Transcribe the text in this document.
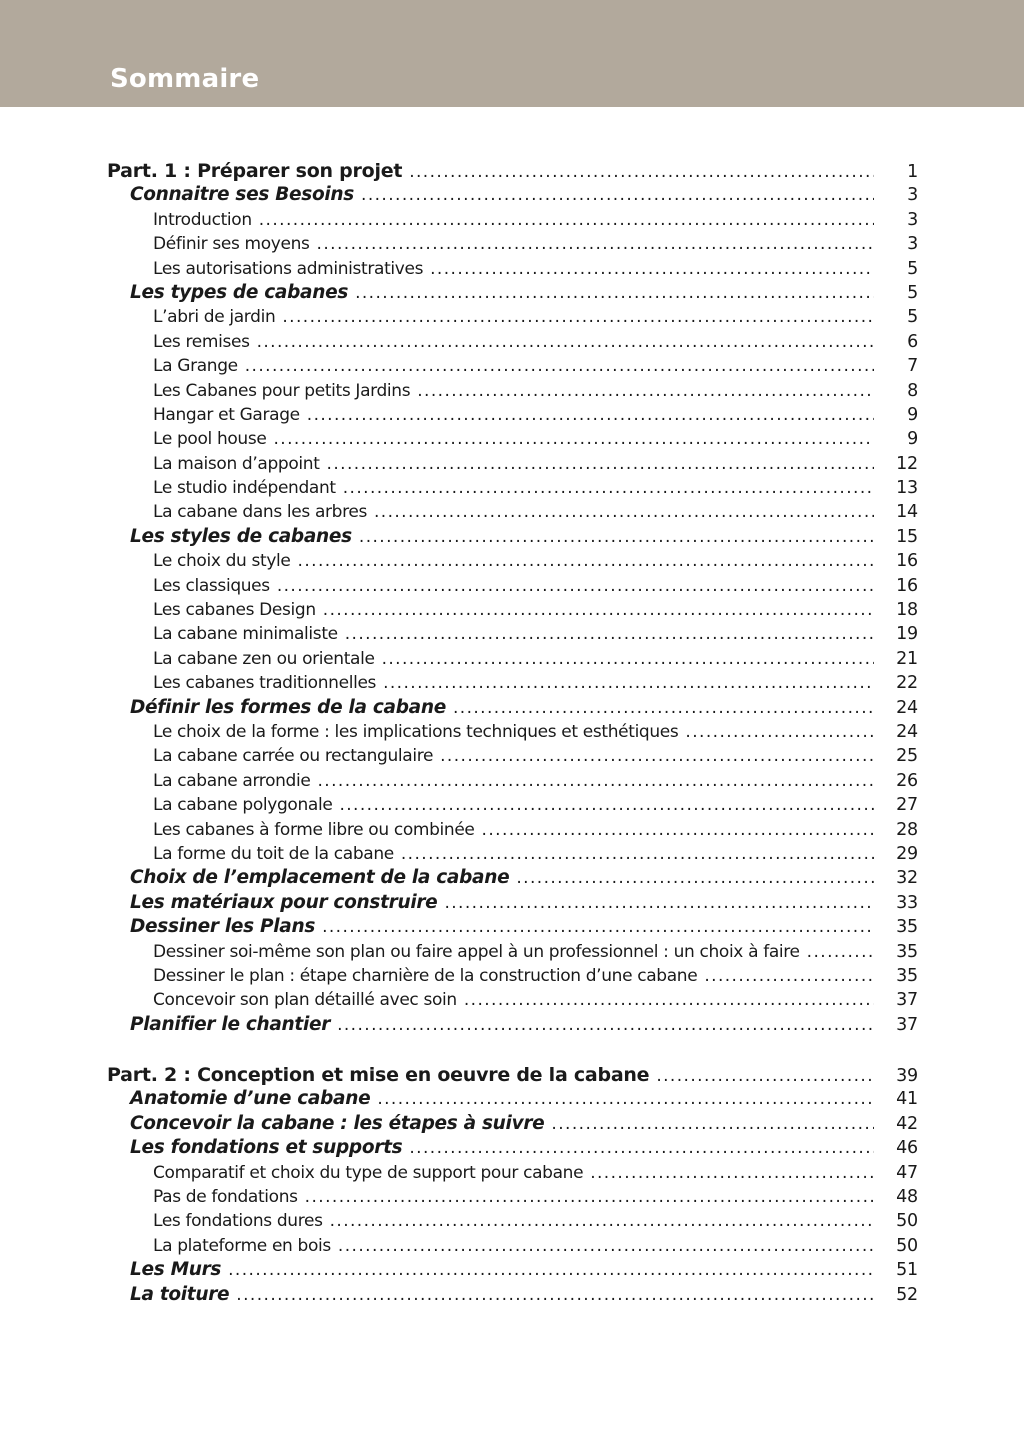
Sommaire
Part. 1 : Préparer son projet .....	1
Connaitre ses Besoins .....	3
Introduction .....	3
Définir ses moyens .....	3
Les autorisations administratives .....	5
Les types de cabanes .....	5
L’abri de jardin .....	5
Les remises .....	6
La Grange .....	7
Les Cabanes pour petits Jardins .....	8
Hangar et Garage .....	9
Le pool house .....	9
La maison d’appoint .....	12
Le studio indépendant .....	13
La cabane dans les arbres .....	14
Les styles de cabanes .....	15
Le choix du style .....	16
Les classiques .....	16
Les cabanes Design .....	18
La cabane minimaliste .....	19
La cabane zen ou orientale .....	21
Les cabanes traditionnelles .....	22
Définir les formes de la cabane .....	24
Le choix de la forme : les implications techniques et esthétiques .....	24
La cabane carrée ou rectangulaire .....	25
La cabane arrondie .....	26
La cabane polygonale .....	27
Les cabanes à forme libre ou combinée .....	28
La forme du toit de la cabane .....	29
Choix de l’emplacement de la cabane .....	32
Les matériaux pour construire .....	33
Dessiner les Plans .....	35
Dessiner soi-même son plan ou faire appel à un professionnel : un choix à faire .....	35
Dessiner le plan : étape charnière de la construction d’une cabane .....	35
Concevoir son plan détaillé avec soin .....	37
Planifier le chantier .....	37
Part. 2 : Conception et mise en oeuvre de la cabane .....	39
Anatomie d’une cabane .....	41
Concevoir la cabane : les étapes à suivre .....	42
Les fondations et supports .....	46
Comparatif et choix du type de support pour cabane .....	47
Pas de fondations .....	48
Les fondations dures .....	50
La plateforme en bois .....	50
Les Murs .....	51
La toiture .....	52
